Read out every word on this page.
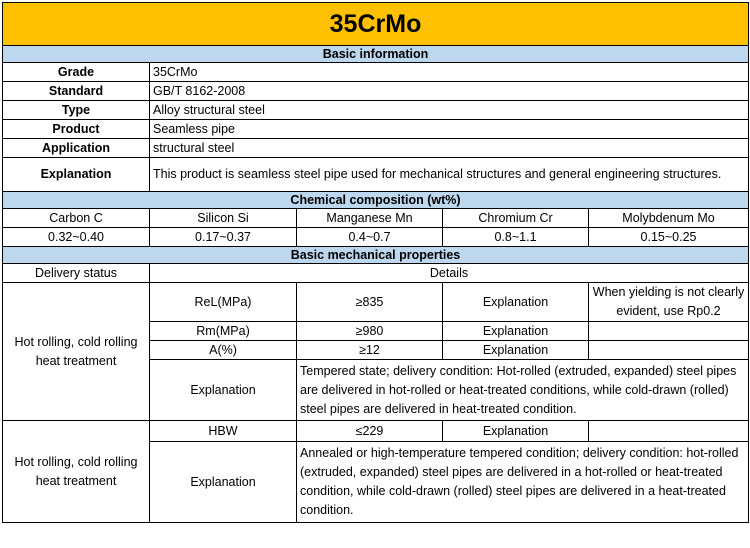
35CrMo				
Basic information				
Grade	35CrMo			
Standard	GB/T 8162-2008			
Type	Alloy structural steel			
Product	Seamless pipe			
Application	structural steel			
Explanation	This product is seamless steel pipe used for mechanical structures and general engineering structures.			
Chemical composition (wt%)				
Carbon C	Silicon Si	Manganese Mn	Chromium Cr	Molybdenum Mo
0.32~0.40	0.17~0.37	0.4~0.7	0.8~1.1	0.15~0.25
Basic mechanical properties				
Delivery status	Details			
Hot rolling, cold rolling heat treatment	ReL(MPa)	≥835	Explanation	When yielding is not clearly evident, use Rp0.2
	Rm(MPa)	≥980	Explanation	
	A(%)	≥12	Explanation	
	Explanation	Tempered state; delivery condition: Hot-rolled (extruded, expanded) steel pipes are delivered in hot-rolled or heat-treated conditions, while cold-drawn (rolled) steel pipes are delivered in heat-treated condition.		
Hot rolling, cold rolling heat treatment	HBW	≤229	Explanation	
	Explanation	Annealed or high-temperature tempered condition; delivery condition: hot-rolled (extruded, expanded) steel pipes are delivered in a hot-rolled or heat-treated condition, while cold-drawn (rolled) steel pipes are delivered in a heat-treated condition.		
